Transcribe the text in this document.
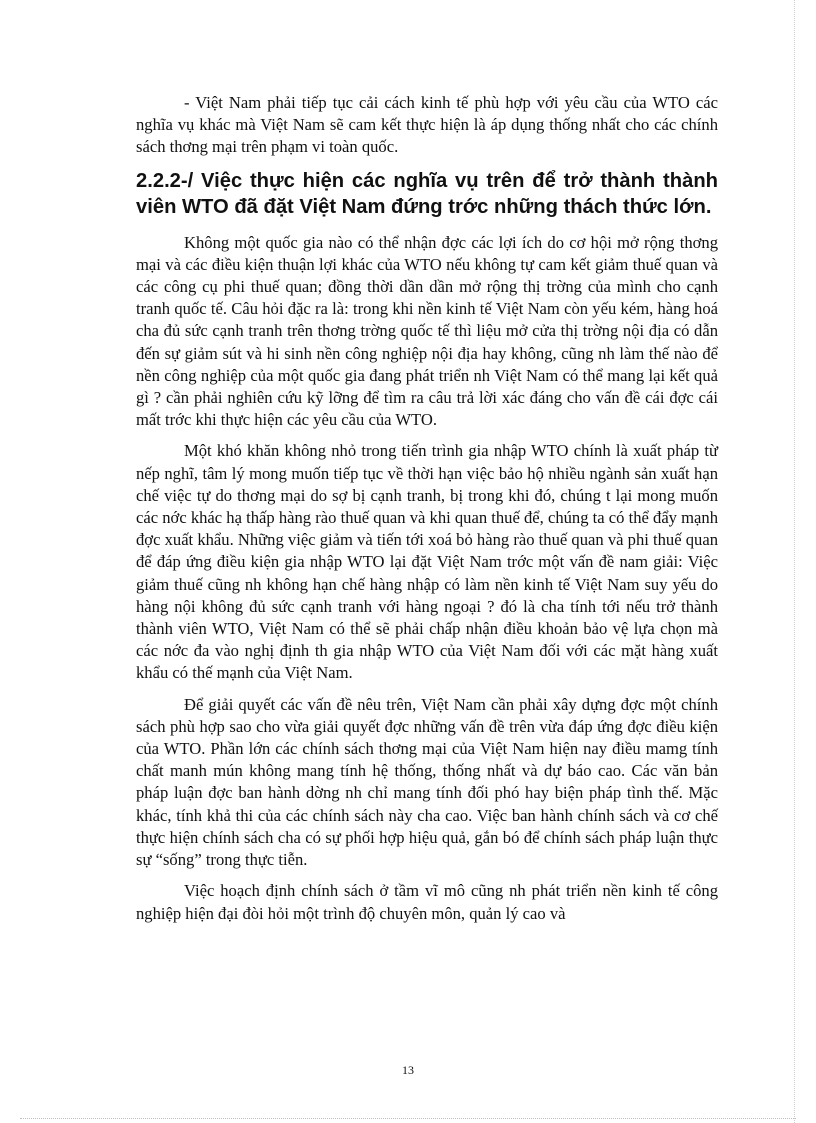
- Việt Nam phải tiếp tục cải cách kinh tế phù hợp với yêu cầu của WTO các nghĩa vụ khác mà Việt Nam sẽ cam kết thực hiện là áp dụng thống nhất cho các chính sách thơng mại trên phạm vi toàn quốc.

2.2.2-/ Việc thực hiện các nghĩa vụ trên để trở thành thành viên WTO đã đặt Việt Nam đứng trớc những thách thức lớn.

Không một quốc gia nào có thể nhận đợc các lợi ích do cơ hội mở rộng thơng mại và các điều kiện thuận lợi khác của WTO nếu không tự cam kết giảm thuế quan và các công cụ phi thuế quan; đồng thời dần dần mở rộng thị trờng của mình cho cạnh tranh quốc tế. Câu hỏi đặc ra là: trong khi nền kinh tế Việt Nam còn yếu kém, hàng hoá cha đủ sức cạnh tranh trên thơng trờng quốc tế thì liệu mở cửa thị trờng nội địa có dẫn đến sự giảm sút và hi sinh nền công nghiệp nội địa hay không, cũng nh làm thế nào để nền công nghiệp của một quốc gia đang phát triển nh Việt Nam có thể mang lại kết quả gì ? cần phải nghiên cứu kỹ lỡng để tìm ra câu trả lời xác đáng cho vấn đề cái đợc cái mất trớc khi thực hiện các yêu cầu của WTO.

Một khó khăn không nhỏ trong tiến trình gia nhập WTO chính là xuất pháp từ nếp nghĩ, tâm lý mong muốn tiếp tục về thời hạn việc bảo hộ nhiều ngành sản xuất hạn chế việc tự do thơng mại do sợ bị cạnh tranh, bị trong khi đó, chúng t lại mong muốn các nớc khác hạ thấp hàng rào thuế quan và khi quan thuế để, chúng ta có thể đẩy mạnh đợc xuất khẩu. Những việc giảm và tiến tới xoá bỏ hàng rào thuế quan và phi thuế quan để đáp ứng điều kiện gia nhập WTO lại đặt Việt Nam trớc một vấn đề nam giải: Việc giảm thuế cũng nh không hạn chế hàng nhập có làm nền kinh tế Việt Nam suy yếu do hàng nội không đủ sức cạnh tranh với hàng ngoại ? đó là cha tính tới nếu trở thành thành viên WTO, Việt Nam có thể sẽ phải chấp nhận điều khoản bảo vệ lựa chọn mà các nớc đa vào nghị định th gia nhập WTO của Việt Nam đối với các mặt hàng xuất khẩu có thế mạnh của Việt Nam.

Để giải quyết các vấn đề nêu trên, Việt Nam cần phải xây dựng đợc một chính sách phù hợp sao cho vừa giải quyết đợc những vấn đề trên vừa đáp ứng đợc điều kiện của WTO. Phần lớn các chính sách thơng mại của Việt Nam hiện nay điều mamg tính chất manh mún không mang tính hệ thống, thống nhất và dự báo cao. Các văn bản pháp luận đợc ban hành dờng nh chỉ mang tính đối phó hay biện pháp tình thế. Mặc khác, tính khả thi của các chính sách này cha cao. Việc ban hành chính sách và cơ chế thực hiện chính sách cha có sự phối hợp hiệu quả, gắn bó để chính sách pháp luận thực sự “sống” trong thực tiễn.

Việc hoạch định chính sách ở tầm vĩ mô cũng nh phát triển nền kinh tế công nghiệp hiện đại đòi hỏi một trình độ chuyên môn, quản lý cao và

13
